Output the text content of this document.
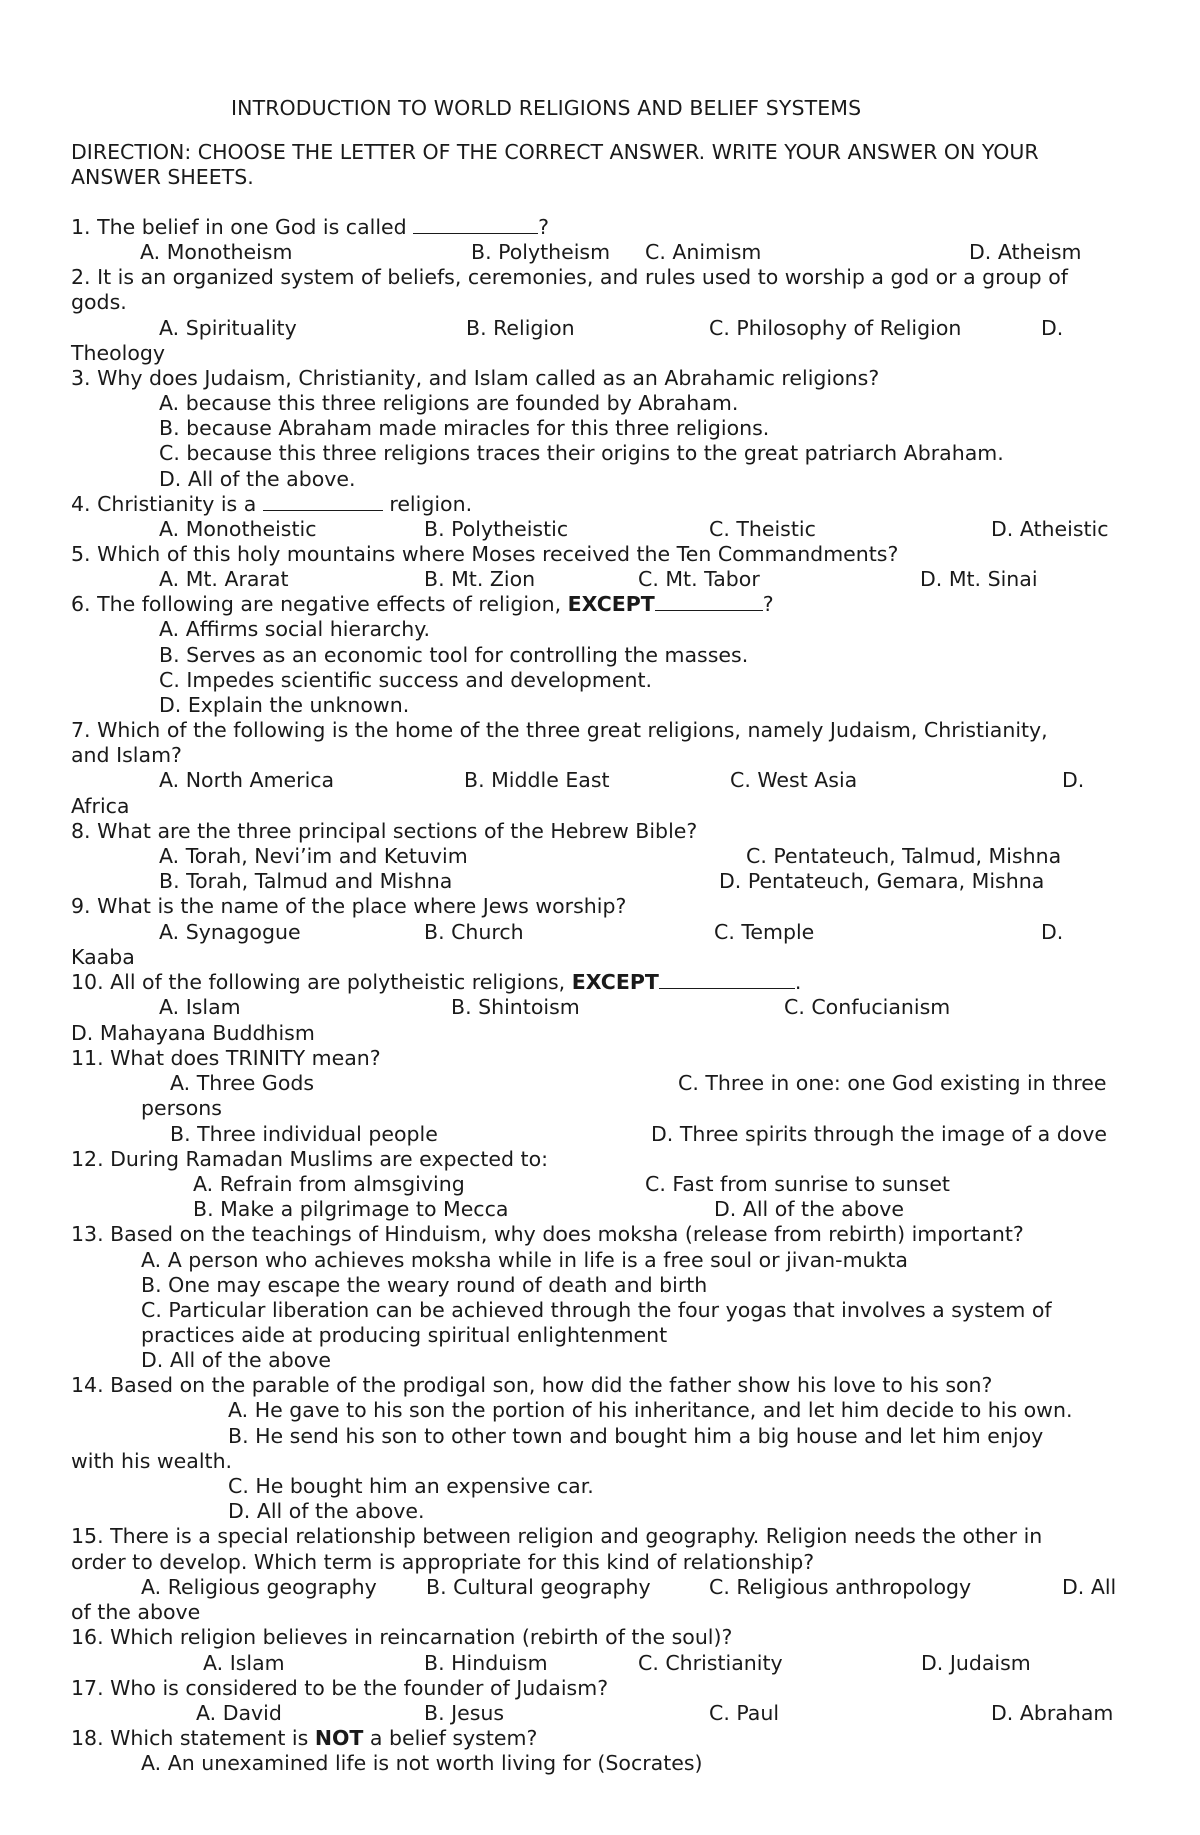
INTRODUCTION TO WORLD RELIGIONS AND BELIEF SYSTEMS
DIRECTION: CHOOSE THE LETTER OF THE CORRECT ANSWER. WRITE YOUR ANSWER ON YOUR
ANSWER SHEETS.
1. The belief in one God is called	?
A. Monotheism	B. Polytheism C. Animism	D. Atheism
2. It is an organized system of beliefs, ceremonies, and rules used to worship a god or a group of
gods.
A. Spirituality	B. Religion	C. Philosophy of Religion	D.
Theology
3. Why does Judaism, Christianity, and Islam called as an Abrahamic religions?
A. because this three religions are founded by Abraham.
B. because Abraham made miracles for this three religions.
C. because this three religions traces their origins to the great patriarch Abraham.
D. All of the above.
4. Christianity is a	religion.
A. Monotheistic	B. Polytheistic	C. Theistic	D. Atheistic
5. Which of this holy mountains where Moses received the Ten Commandments?
A. Mt. Ararat	B. Mt. Zion	C. Mt. Tabor	D. Mt. Sinai
6. The following are negative effects of religion, EXCEPT	?
A. Affirms social hierarchy.
B. Serves as an economic tool for controlling the masses.
C. Impedes scientific success and development.
D. Explain the unknown.
7. Which of the following is the home of the three great religions, namely Judaism, Christianity,
and Islam?
A. North America	B. Middle East	C. West Asia	D.
Africa
8. What are the three principal sections of the Hebrew Bible?
A. Torah, Nevi’im and Ketuvim	C. Pentateuch, Talmud, Mishna
B. Torah, Talmud and Mishna	D. Pentateuch, Gemara, Mishna
9. What is the name of the place where Jews worship?
A. Synagogue	B. Church	C. Temple	D.
Kaaba
10. All of the following are polytheistic religions, EXCEPT	.
A. Islam	B. Shintoism	C. Confucianism
D. Mahayana Buddhism
11. What does TRINITY mean?
A. Three Gods	C. Three in one: one God existing in three
persons
B. Three individual people	D. Three spirits through the image of a dove
12. During Ramadan Muslims are expected to:
A. Refrain from almsgiving	C. Fast from sunrise to sunset
B. Make a pilgrimage to Mecca	D. All of the above
13. Based on the teachings of Hinduism, why does moksha (release from rebirth) important?
A. A person who achieves moksha while in life is a free soul or jivan-mukta
B. One may escape the weary round of death and birth
C. Particular liberation can be achieved through the four yogas that involves a system of
practices aide at producing spiritual enlightenment
D. All of the above
14. Based on the parable of the prodigal son, how did the father show his love to his son?
A. He gave to his son the portion of his inheritance, and let him decide to his own.
B. He send his son to other town and bought him a big house and let him enjoy
with his wealth.
C. He bought him an expensive car.
D. All of the above.
15. There is a special relationship between religion and geography. Religion needs the other in
order to develop. Which term is appropriate for this kind of relationship?
A. Religious geography B. Cultural geography	C. Religious anthropology	D. All
of the above
16. Which religion believes in reincarnation (rebirth of the soul)?
A. Islam	B. Hinduism	C. Christianity	D. Judaism
17. Who is considered to be the founder of Judaism?
A. David	B. Jesus	C. Paul	D. Abraham
18. Which statement is NOT a belief system?
A. An unexamined life is not worth living for (Socrates)
